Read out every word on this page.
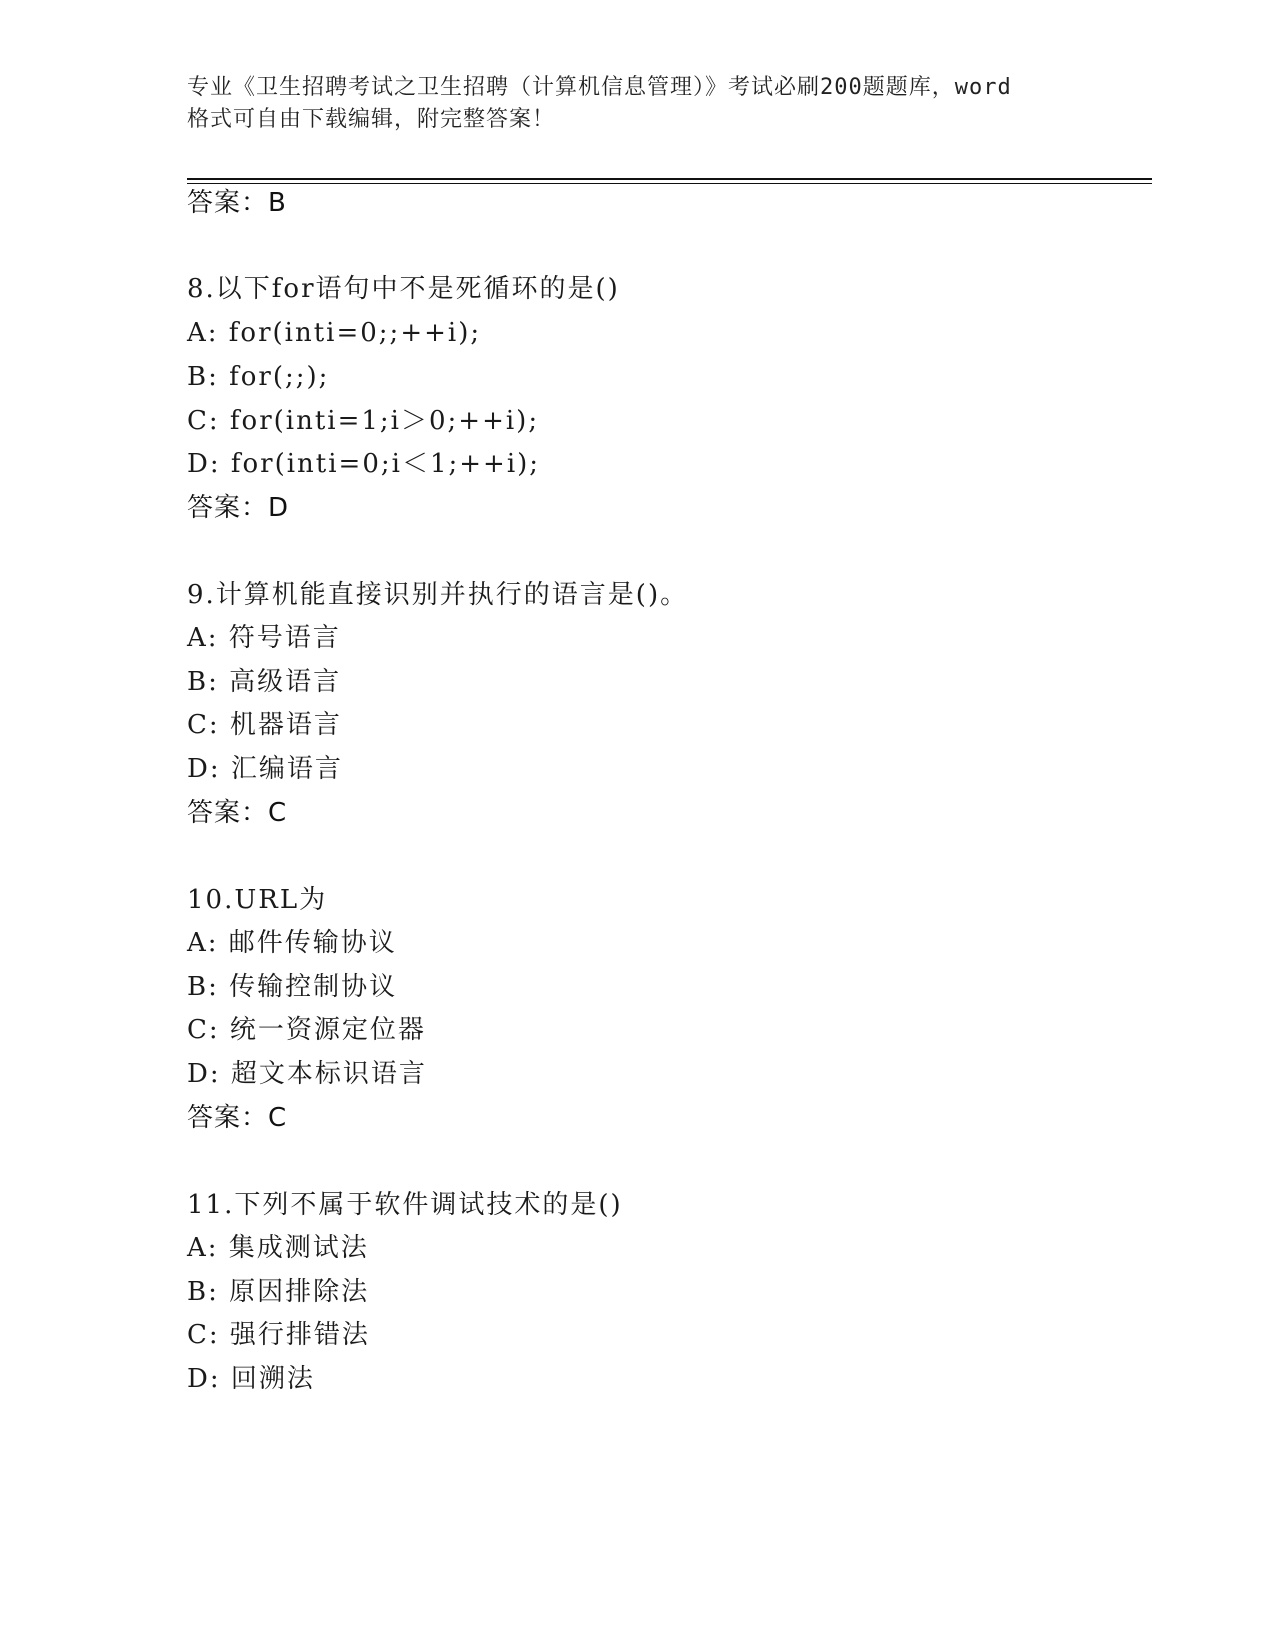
专业《卫生招聘考试之卫生招聘（计算机信息管理）》考试必刷200题题库，word
格式可自由下载编辑，附完整答案！
答案：B
8.以下for语句中不是死循环的是()
A: for(inti=0;;++i);
B: for(;;);
C: for(inti=1;i＞0;++i);
D: for(inti=0;i＜1;++i);
答案：D
9.计算机能直接识别并执行的语言是()。
A: 符号语言
B: 高级语言
C: 机器语言
D: 汇编语言
答案：C
10.URL为
A: 邮件传输协议
B: 传输控制协议
C: 统一资源定位器
D: 超文本标识语言
答案：C
11.下列不属于软件调试技术的是()
A: 集成测试法
B: 原因排除法
C: 强行排错法
D: 回溯法
